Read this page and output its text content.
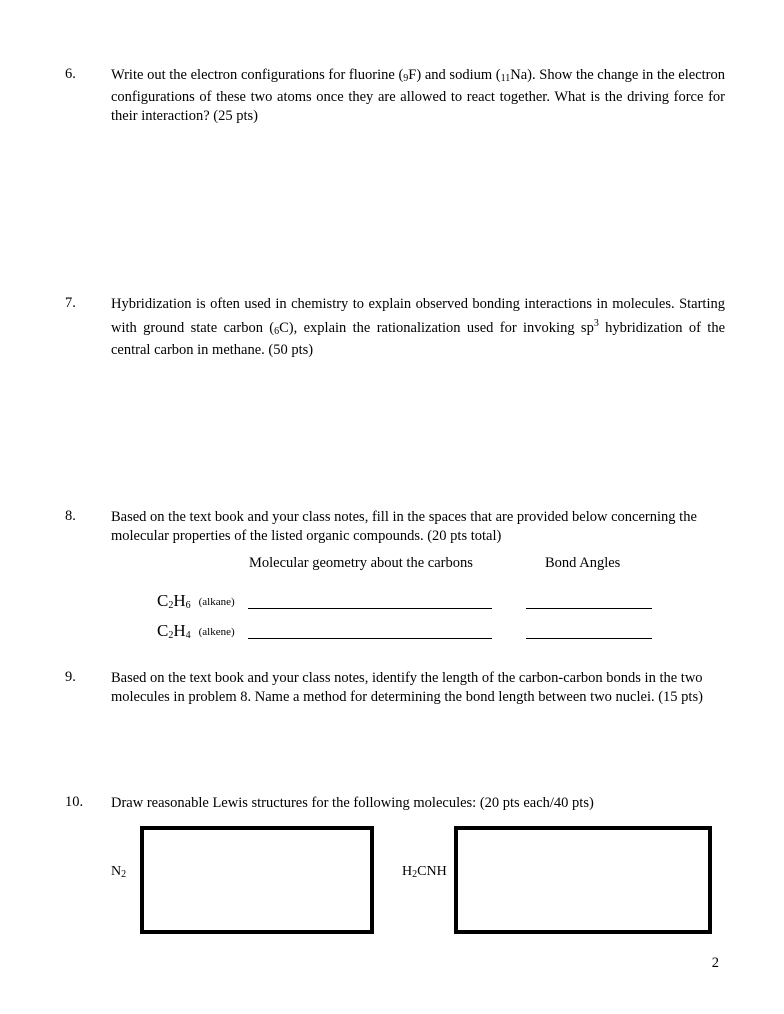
6. Write out the electron configurations for fluorine $(_9F)$ and sodium $(_{11}Na)$. Show the change in the electron configurations of these two atoms once they are allowed to react together. What is the driving force for their interaction? (25 pts)
7. Hybridization is often used in chemistry to explain observed bonding interactions in molecules. Starting with ground state carbon $(_6C)$, explain the rationalization used for invoking $sp^3$ hybridization of the central carbon in methane. (50 pts)
8. Based on the text book and your class notes, fill in the spaces that are provided below concerning the molecular properties of the listed organic compounds. (20 pts total)
Molecular geometry about the carbons	Bond Angles
$C_2H_6$ (alkane)
$C_2H_4$ (alkene)
9. Based on the text book and your class notes, identify the length of the carbon-carbon bonds in the two molecules in problem 8. Name a method for determining the bond length between two nuclei. (15 pts)
10. Draw reasonable Lewis structures for the following molecules: (20 pts each/40 pts)
$N_2$	$H_2CNH$
2
